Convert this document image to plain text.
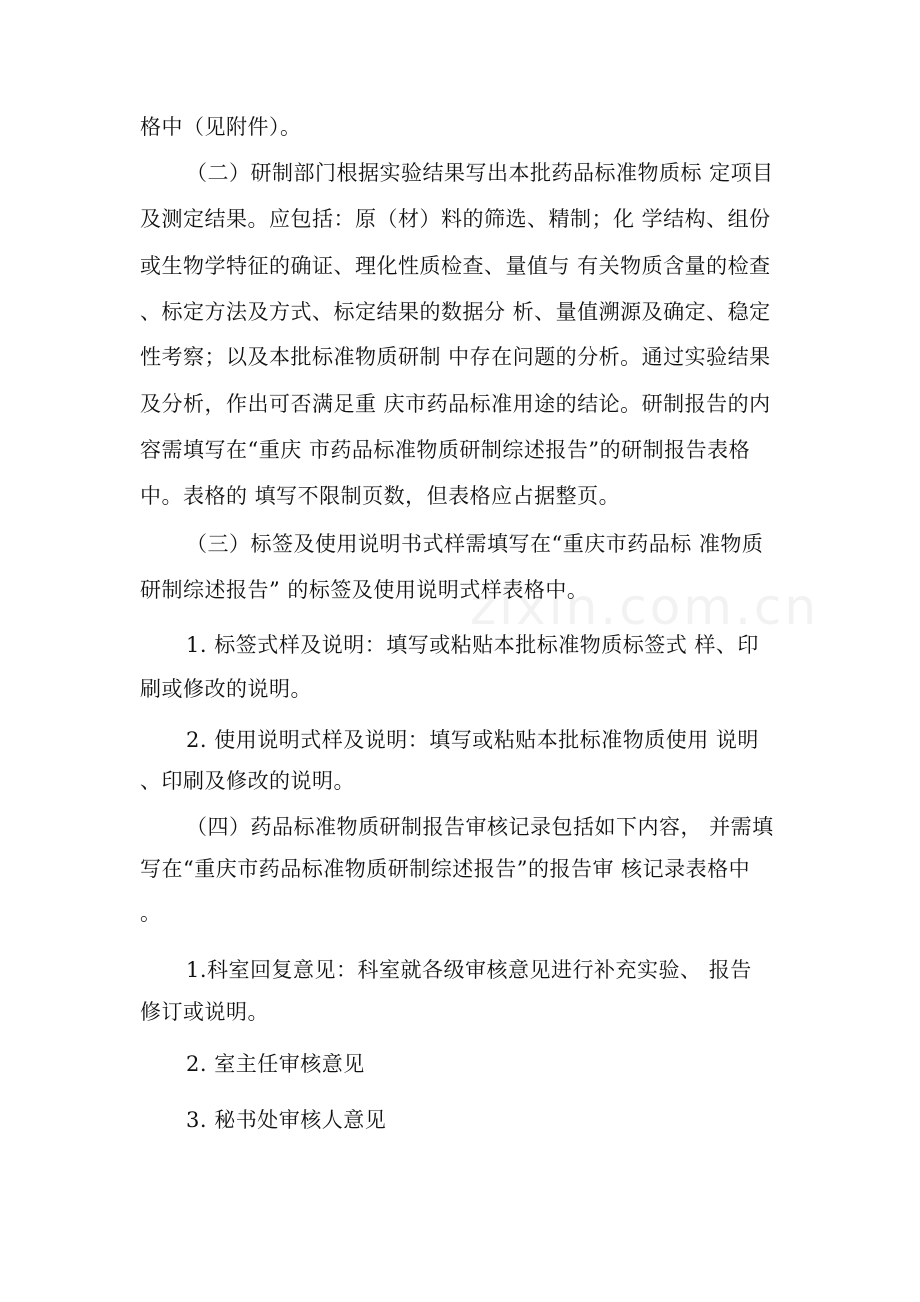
zixin.com.cn
格中（见附件）。
（二）研制部门根据实验结果写出本批药品标准物质标 定项目
及测定结果。应包括：原（材）料的筛选、精制；化 学结构、组份
或生物学特征的确证、理化性质检查、量值与 有关物质含量的检查
、标定方法及方式、标定结果的数据分 析、量值溯源及确定、稳定
性考察；以及本批标准物质研制 中存在问题的分析。通过实验结果
及分析，作出可否满足重 庆市药品标准用途的结论。研制报告的内
容需填写在“重庆 市药品标准物质研制综述报告”的研制报告表格
中。表格的 填写不限制页数，但表格应占据整页。
（三）标签及使用说明书式样需填写在“重庆市药品标 准物质
研制综述报告” 的标签及使用说明式样表格中。
1. 标签式样及说明：填写或粘贴本批标准物质标签式 样、印
刷或修改的说明。
2. 使用说明式样及说明：填写或粘贴本批标准物质使用 说明
、印刷及修改的说明。
（四）药品标准物质研制报告审核记录包括如下内容， 并需填
写在“重庆市药品标准物质研制综述报告”的报告审 核记录表格中
。
1.科室回复意见：科室就各级审核意见进行补充实验、 报告
修订或说明。
2. 室主任审核意见
3. 秘书处审核人意见
